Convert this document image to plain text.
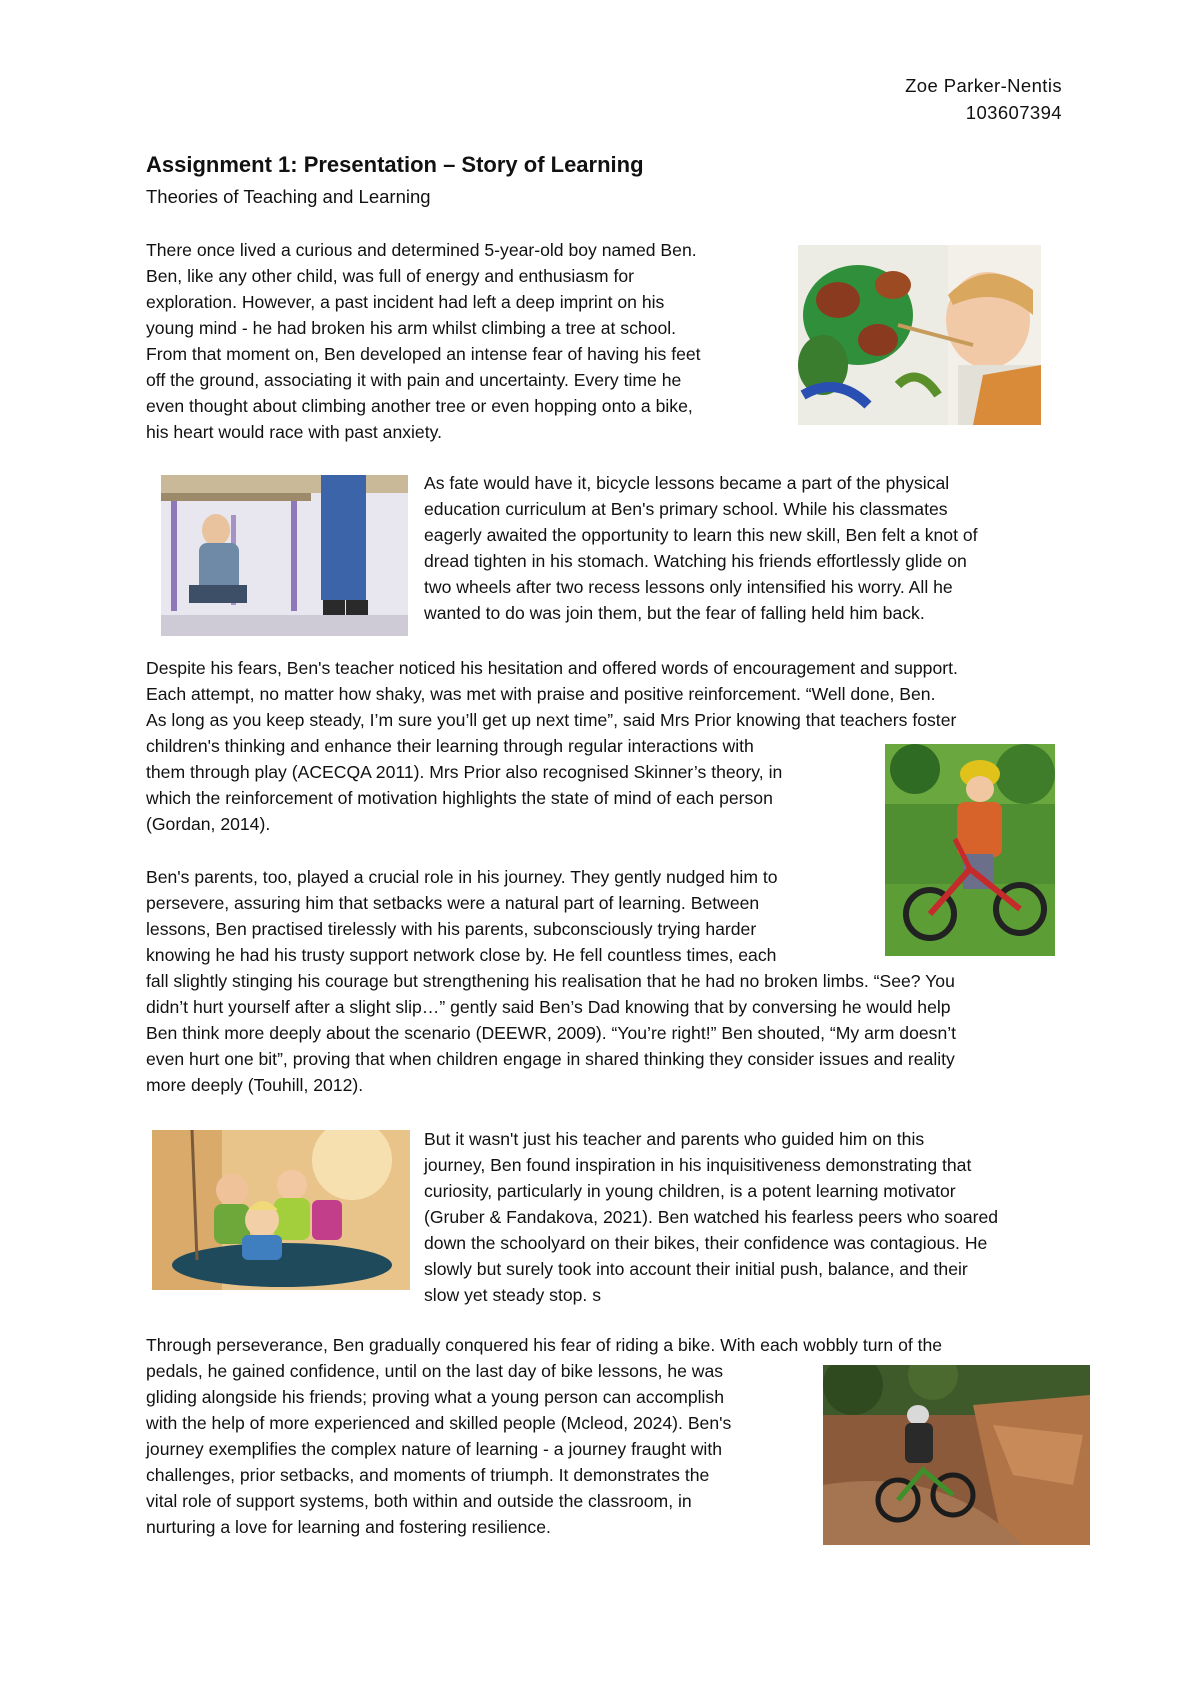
Zoe Parker-Nentis
103607394
Assignment 1: Presentation – Story of Learning
Theories of Teaching and Learning
There once lived a curious and determined 5-year-old boy named Ben.
Ben, like any other child, was full of energy and enthusiasm for
exploration. However, a past incident had left a deep imprint on his
young mind - he had broken his arm whilst climbing a tree at school.
From that moment on, Ben developed an intense fear of having his feet
off the ground, associating it with pain and uncertainty. Every time he
even thought about climbing another tree or even hopping onto a bike,
his heart would race with past anxiety.
As fate would have it, bicycle lessons became a part of the physical
education curriculum at Ben's primary school. While his classmates
eagerly awaited the opportunity to learn this new skill, Ben felt a knot of
dread tighten in his stomach. Watching his friends effortlessly glide on
two wheels after two recess lessons only intensified his worry. All he
wanted to do was join them, but the fear of falling held him back.
Despite his fears, Ben's teacher noticed his hesitation and offered words of encouragement and support.
Each attempt, no matter how shaky, was met with praise and positive reinforcement. “Well done, Ben.
As long as you keep steady, I’m sure you’ll get up next time”, said Mrs Prior knowing that teachers foster
children's thinking and enhance their learning through regular interactions with
them through play (ACECQA 2011). Mrs Prior also recognised Skinner’s theory, in
which the reinforcement of motivation highlights the state of mind of each person
(Gordan, 2014).
Ben's parents, too, played a crucial role in his journey. They gently nudged him to
persevere, assuring him that setbacks were a natural part of learning. Between
lessons, Ben practised tirelessly with his parents, subconsciously trying harder
knowing he had his trusty support network close by. He fell countless times, each
fall slightly stinging his courage but strengthening his realisation that he had no broken limbs. “See? You
didn’t hurt yourself after a slight slip…” gently said Ben’s Dad knowing that by conversing he would help
Ben think more deeply about the scenario (DEEWR, 2009). “You’re right!” Ben shouted, “My arm doesn’t
even hurt one bit”, proving that when children engage in shared thinking they consider issues and reality
more deeply (Touhill, 2012).
But it wasn't just his teacher and parents who guided him on this
journey, Ben found inspiration in his inquisitiveness demonstrating that
curiosity, particularly in young children, is a potent learning motivator
(Gruber & Fandakova, 2021). Ben watched his fearless peers who soared
down the schoolyard on their bikes, their confidence was contagious. He
slowly but surely took into account their initial push, balance, and their
slow yet steady stop. s
Through perseverance, Ben gradually conquered his fear of riding a bike. With each wobbly turn of the
pedals, he gained confidence, until on the last day of bike lessons, he was
gliding alongside his friends; proving what a young person can accomplish
with the help of more experienced and skilled people (Mcleod, 2024). Ben's
journey exemplifies the complex nature of learning - a journey fraught with
challenges, prior setbacks, and moments of triumph. It demonstrates the
vital role of support systems, both within and outside the classroom, in
nurturing a love for learning and fostering resilience.
